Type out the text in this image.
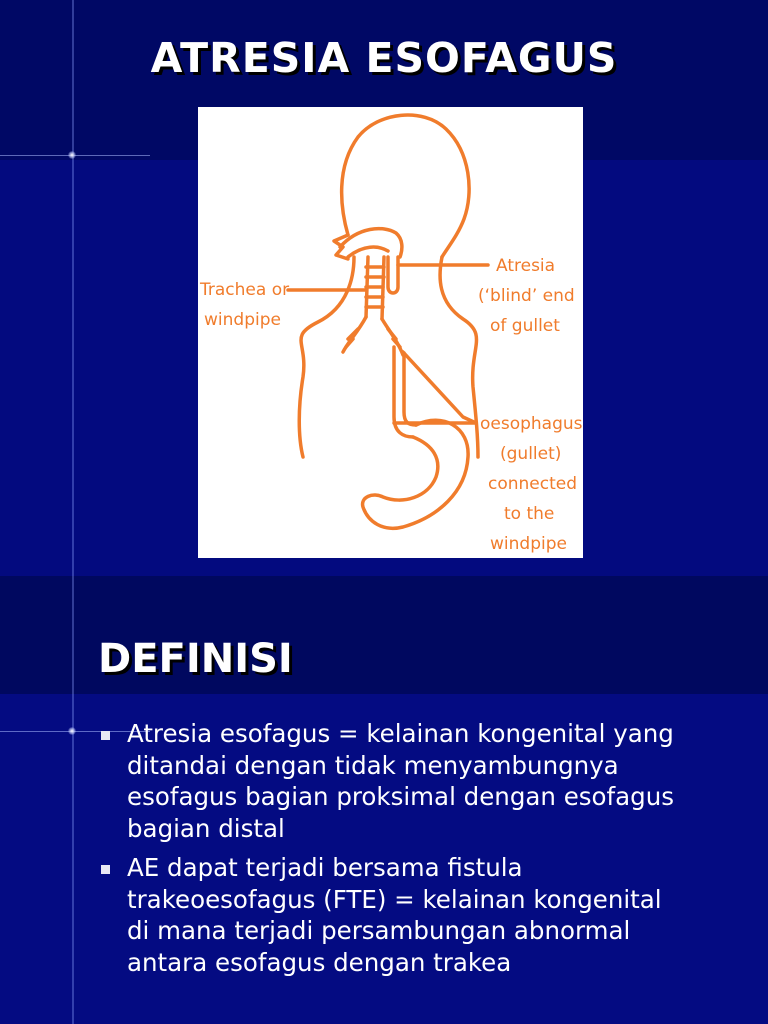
ATRESIA ESOFAGUS
Trachea or
windpipe
Atresia
(‘blind’ end
of gullet
oesophagus
(gullet)
connected
to the
windpipe
DEFINISI
Atresia esofagus = kelainan kongenital yang
ditandai dengan tidak menyambungnya
esofagus bagian proksimal dengan esofagus
bagian distal
AE dapat terjadi bersama fistula
trakeoesofagus (FTE) = kelainan kongenital
di mana terjadi persambungan abnormal
antara esofagus dengan trakea
